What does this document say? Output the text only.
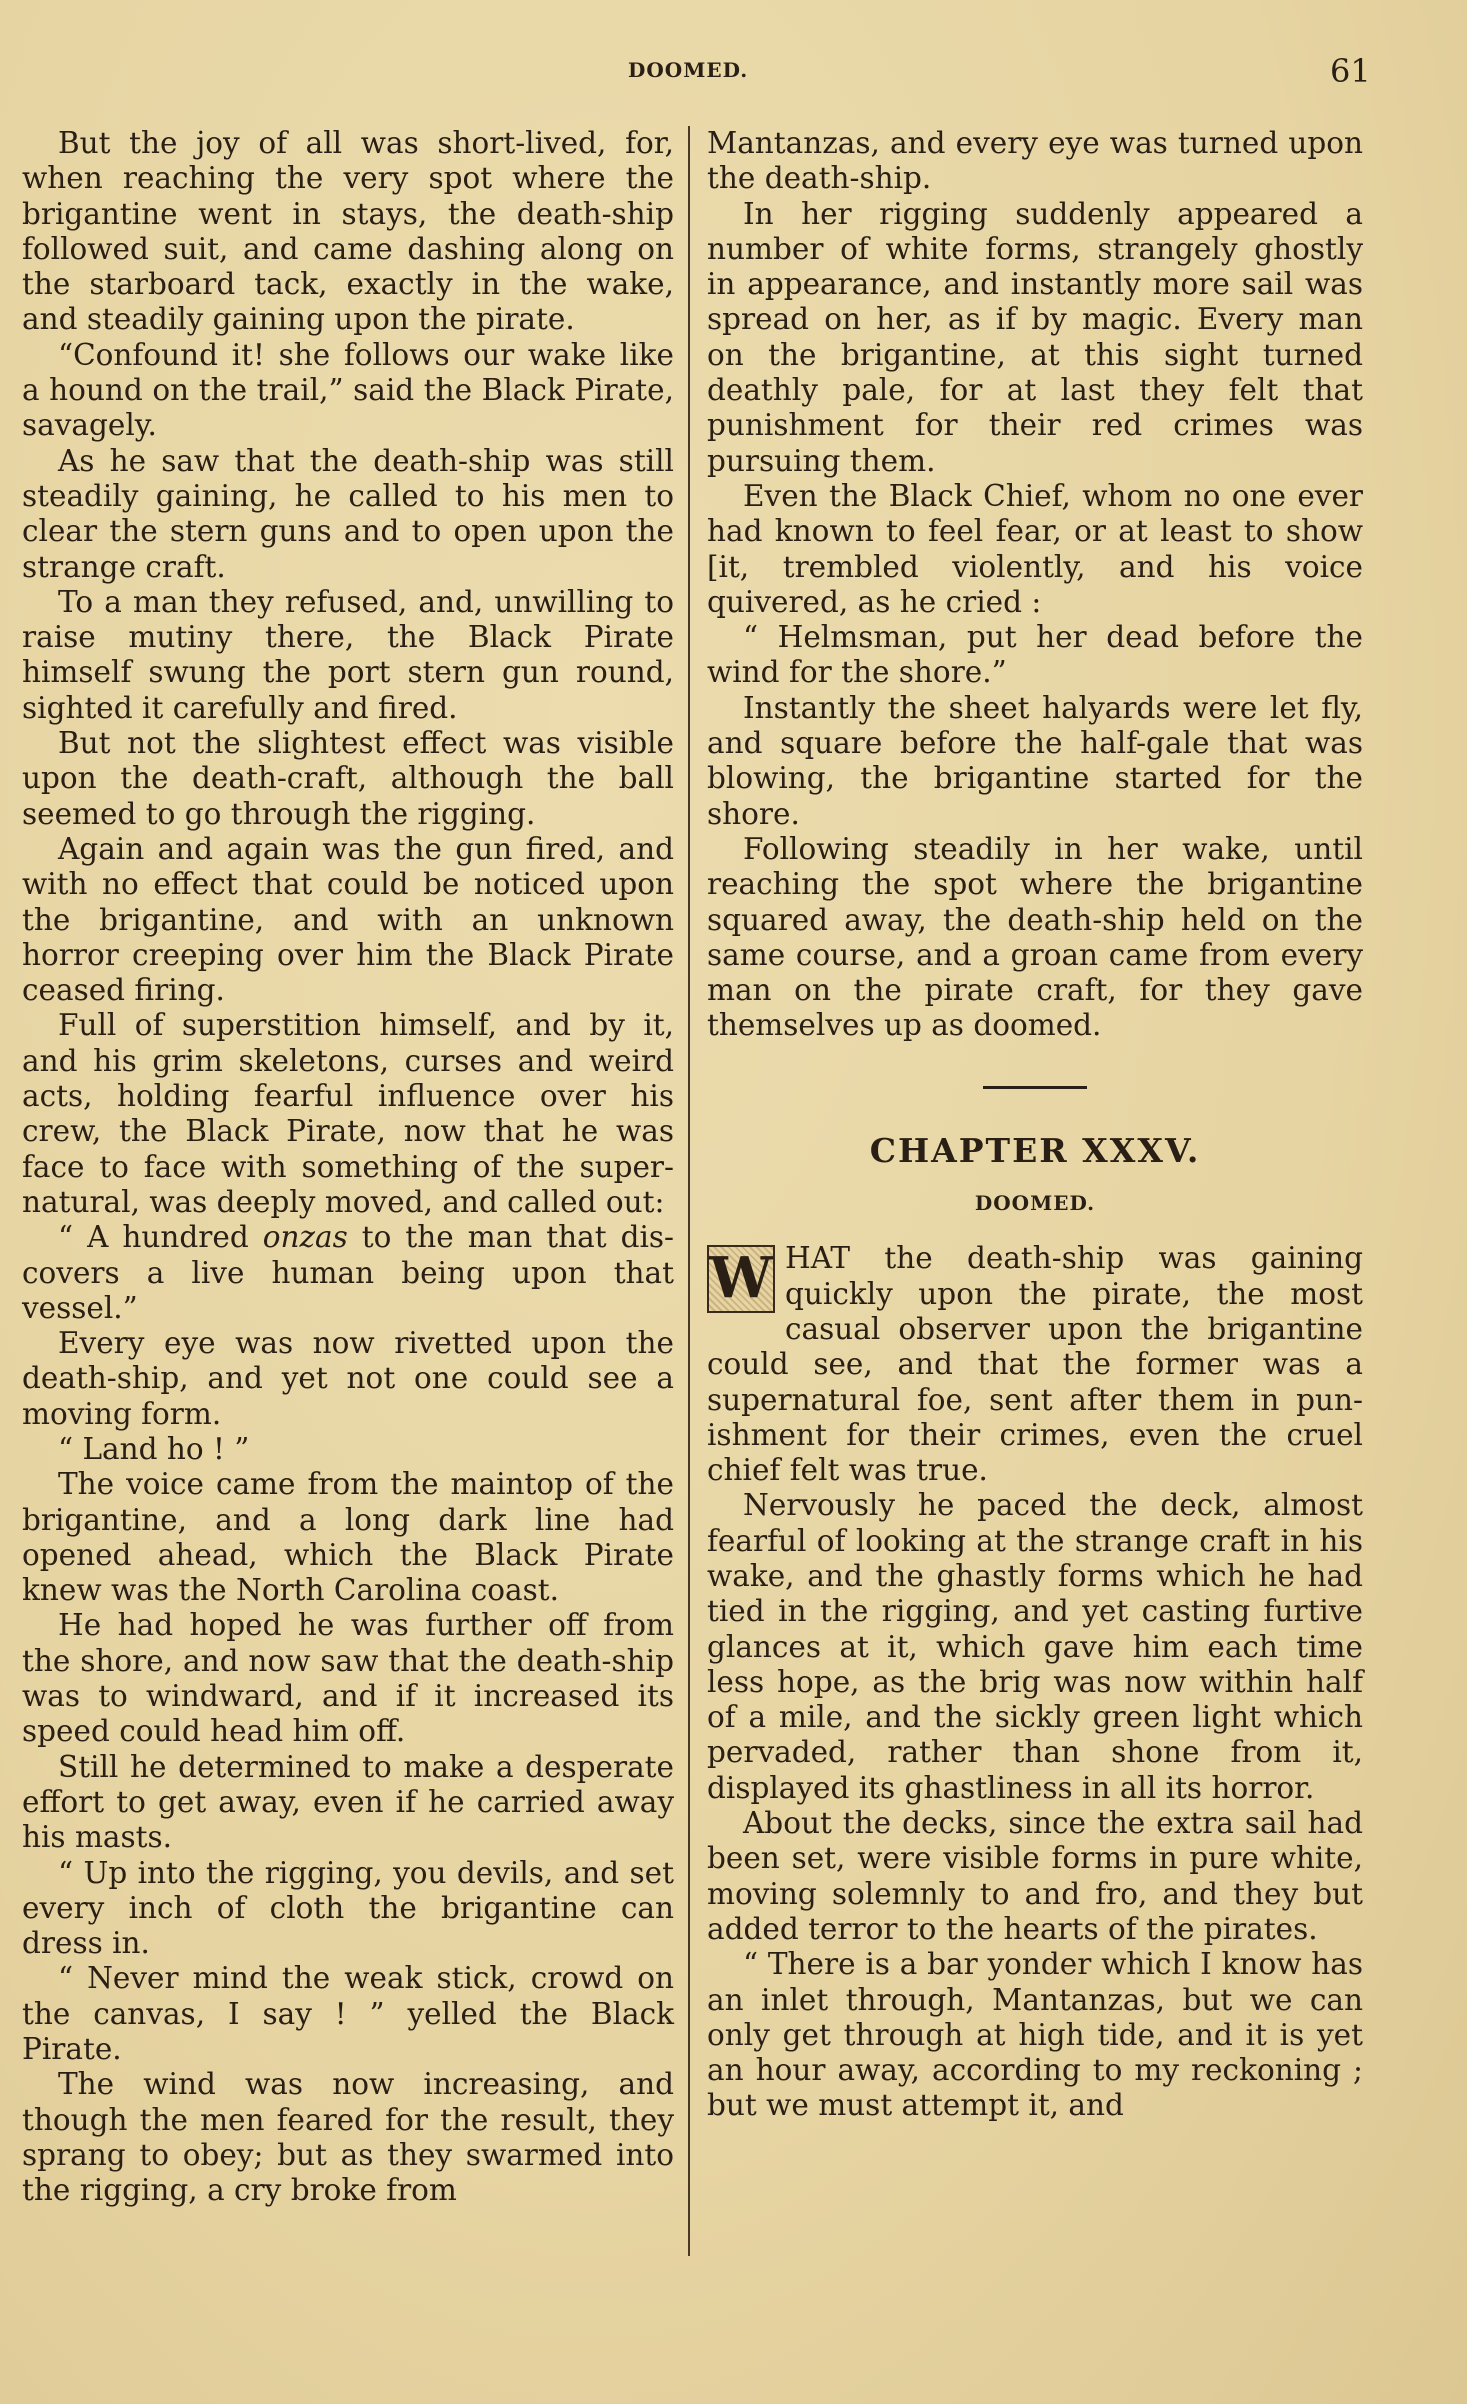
DOOMED.	61

But the joy of all was short-lived, for, when reaching the very spot where the brigantine went in stays, the death-ship followed suit, and came dashing along on the starboard tack, exactly in the wake, and steadily gaining upon the pirate.

“Confound it! she follows our wake like a hound on the trail,” said the Black Pirate, savagely.

As he saw that the death-ship was still steadily gaining, he called to his men to clear the stern guns and to open upon the strange craft.

To a man they refused, and, unwilling to raise mutiny there, the Black Pirate himself swung the port stern gun round, sighted it carefully and fired.

But not the slightest effect was visible upon the death-craft, although the ball seemed to go through the rigging.

Again and again was the gun fired, and with no effect that could be noticed upon the brigantine, and with an unknown horror creeping over him the Black Pirate ceased firing.

Full of superstition himself, and by it, and his grim skeletons, curses and weird acts, holding fearful influence over his crew, the Black Pirate, now that he was face to face with something of the super-natural, was deeply moved, and called out:

“ A hundred onzas to the man that dis-covers a live human being upon that vessel.”

Every eye was now rivetted upon the death-ship, and yet not one could see a moving form.

“ Land ho ! ”

The voice came from the maintop of the brigantine, and a long dark line had opened ahead, which the Black Pirate knew was the North Carolina coast.

He had hoped he was further off from the shore, and now saw that the death-ship was to windward, and if it increased its speed could head him off.

Still he determined to make a desperate effort to get away, even if he carried away his masts.

“ Up into the rigging, you devils, and set every inch of cloth the brigantine can dress in.

“ Never mind the weak stick, crowd on the canvas, I say ! ” yelled the Black Pirate.

The wind was now increasing, and though the men feared for the result, they sprang to obey; but as they swarmed into the rigging, a cry broke from

Mantanzas, and every eye was turned upon the death-ship.

In her rigging suddenly appeared a number of white forms, strangely ghostly in appearance, and instantly more sail was spread on her, as if by magic. Every man on the brigantine, at this sight turned deathly pale, for at last they felt that punishment for their red crimes was pursuing them.

Even the Black Chief, whom no one ever had known to feel fear, or at least to show [it, trembled violently, and his voice quivered, as he cried :

“ Helmsman, put her dead before the wind for the shore.”

Instantly the sheet halyards were let fly, and square before the half-gale that was blowing, the brigantine started for the shore.

Following steadily in her wake, until reaching the spot where the brigantine squared away, the death-ship held on the same course, and a groan came from every man on the pirate craft, for they gave themselves up as doomed.

CHAPTER XXXV.
DOOMED.

W HAT the death-ship was gaining quickly upon the pirate, the most casual observer upon the brigantine could see, and that the former was a supernatural foe, sent after them in pun-ishment for their crimes, even the cruel chief felt was true.

Nervously he paced the deck, almost fearful of looking at the strange craft in his wake, and the ghastly forms which he had tied in the rigging, and yet casting furtive glances at it, which gave him each time less hope, as the brig was now within half of a mile, and the sickly green light which pervaded, rather than shone from it, displayed its ghastliness in all its horror.

About the decks, since the extra sail had been set, were visible forms in pure white, moving solemnly to and fro, and they but added terror to the hearts of the pirates.

“ There is a bar yonder which I know has an inlet through, Mantanzas, but we can only get through at high tide, and it is yet an hour away, according to my reckoning ; but we must attempt it, and
